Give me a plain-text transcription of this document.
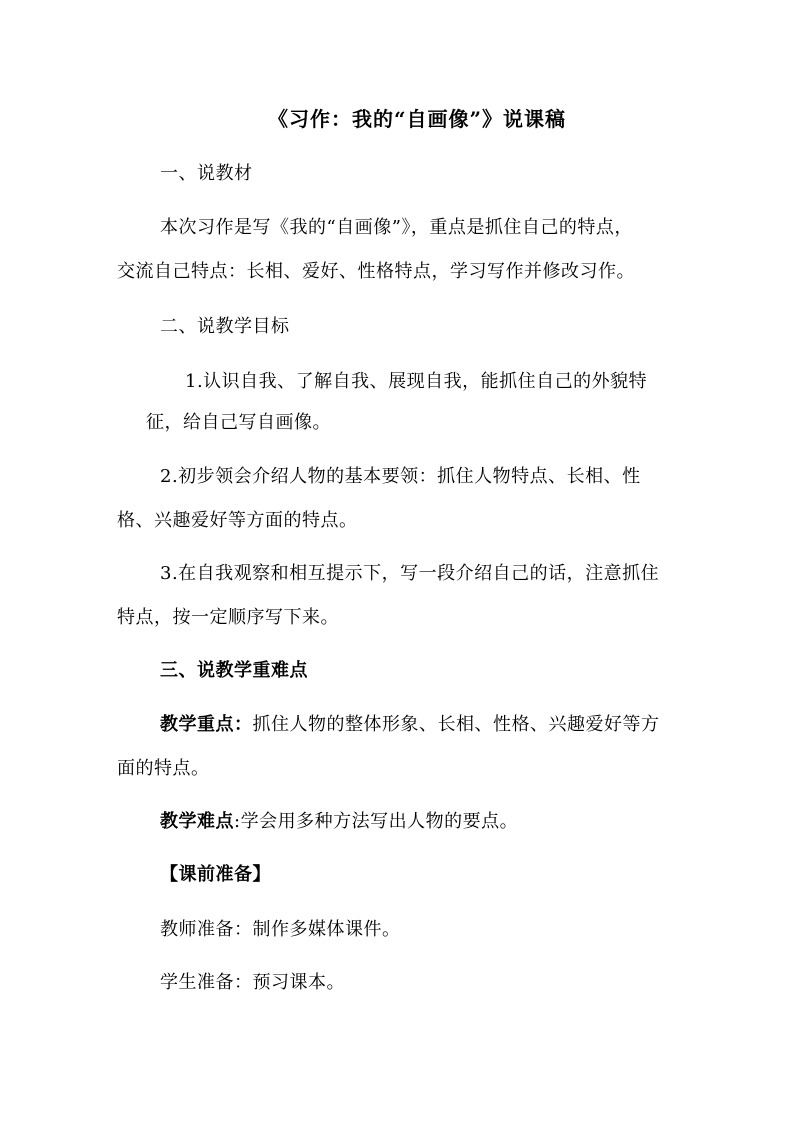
《习作：我的“自画像”》说课稿
一、说教材
本次习作是写《我的“自画像”》，重点是抓住自己的特点，
交流自己特点：长相、爱好、性格特点，学习写作并修改习作。
二、说教学目标
1.认识自我、了解自我、展现自我，能抓住自己的外貌特
征，给自己写自画像。
2.初步领会介绍人物的基本要领：抓住人物特点、长相、性
格、兴趣爱好等方面的特点。
3.在自我观察和相互提示下，写一段介绍自己的话，注意抓住
特点，按一定顺序写下来。
三、说教学重难点
教学重点：抓住人物的整体形象、长相、性格、兴趣爱好等方
面的特点。
教学难点:学会用多种方法写出人物的要点。
【课前准备】
教师准备：制作多媒体课件。
学生准备：预习课本。
